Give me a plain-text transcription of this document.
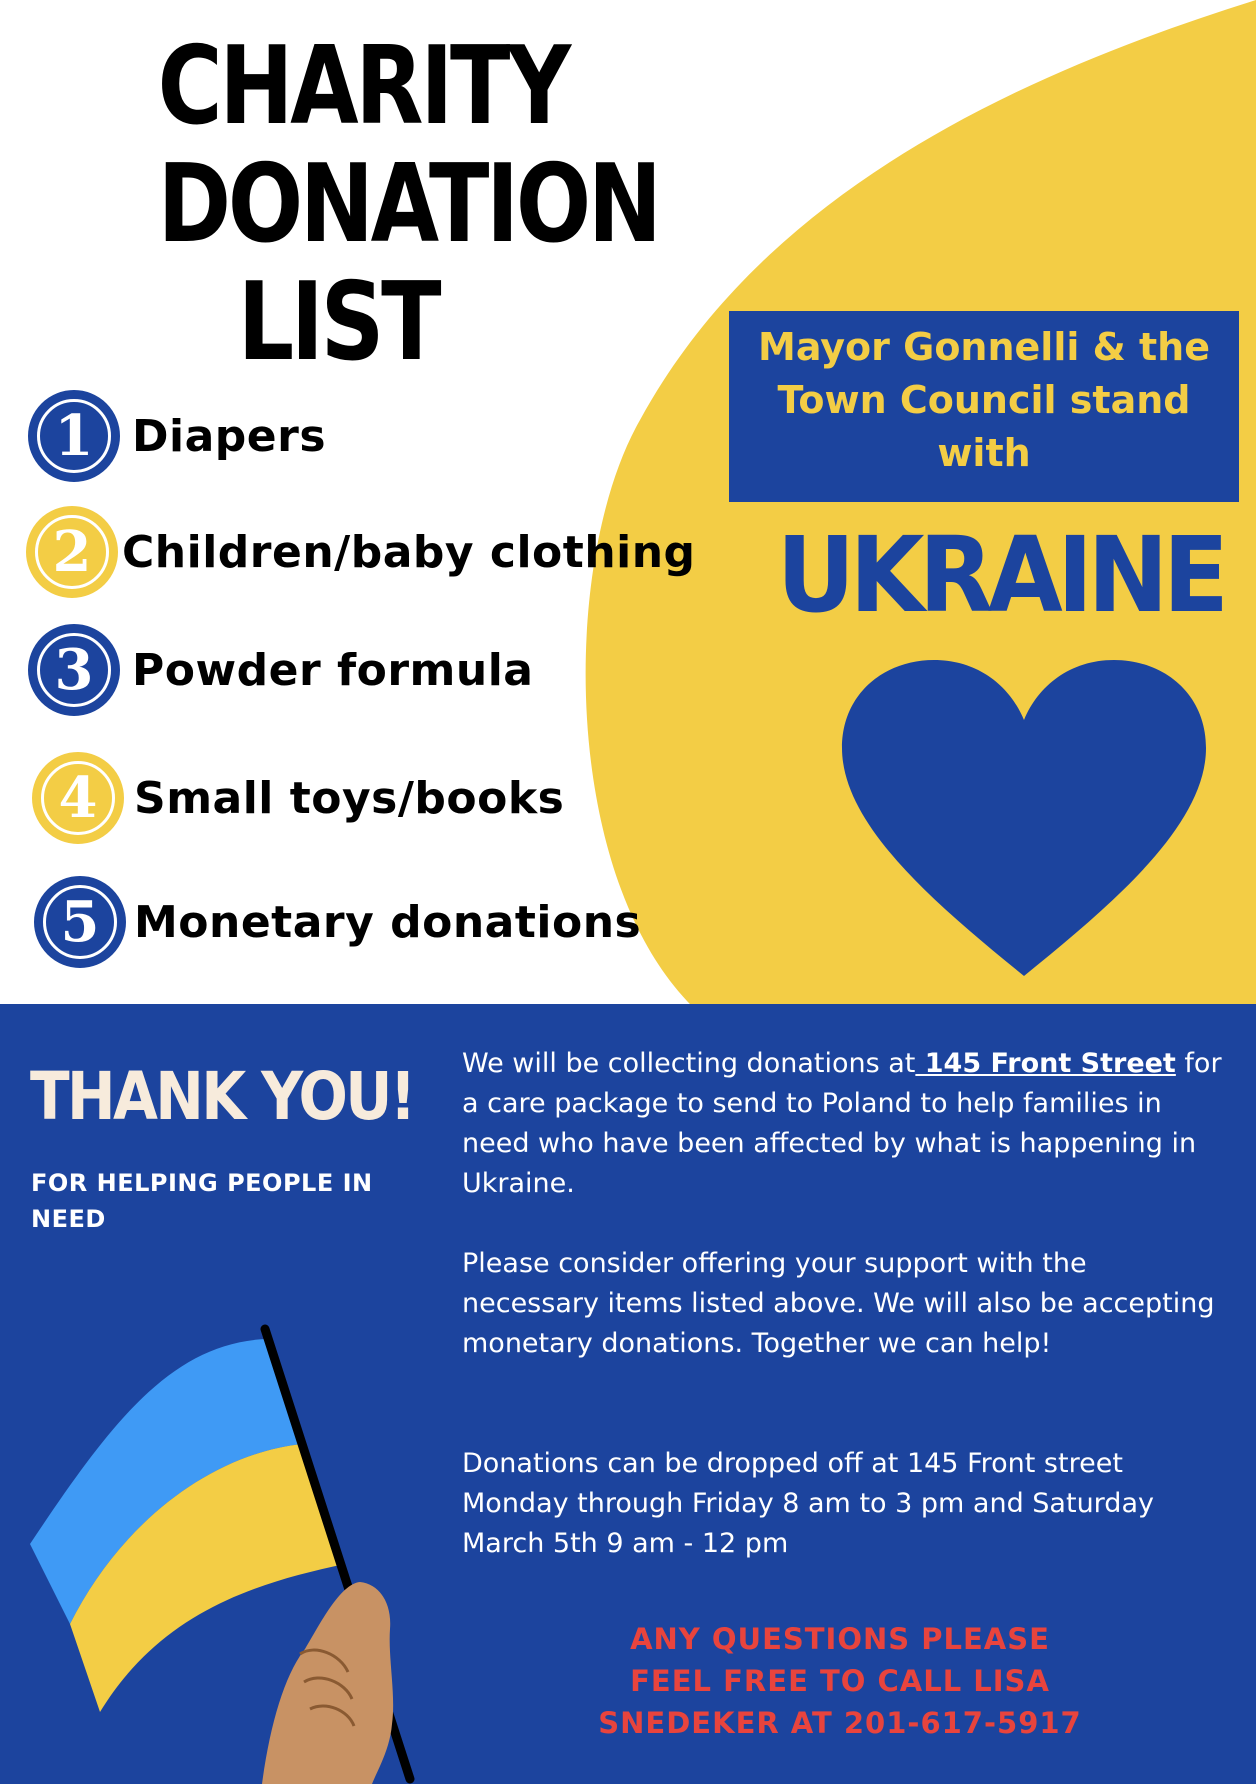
CHARITY
DONATION
LIST
1 Diapers
2 Children/baby clothing
3 Powder formula
4 Small toys/books
5 Monetary donations
Mayor Gonnelli & the
Town Council stand
with
UKRAINE
THANK YOU!
FOR HELPING PEOPLE IN NEED
We will be collecting donations at 145 Front Street for a care package to send to Poland to help families in need who have been affected by what is happening in Ukraine.
Please consider offering your support with the necessary items listed above. We will also be accepting monetary donations. Together we can help!
Donations can be dropped off at 145 Front street Monday through Friday 8 am to 3 pm and Saturday March 5th 9 am - 12 pm
ANY QUESTIONS PLEASE
FEEL FREE TO CALL LISA
SNEDEKER AT 201-617-5917
